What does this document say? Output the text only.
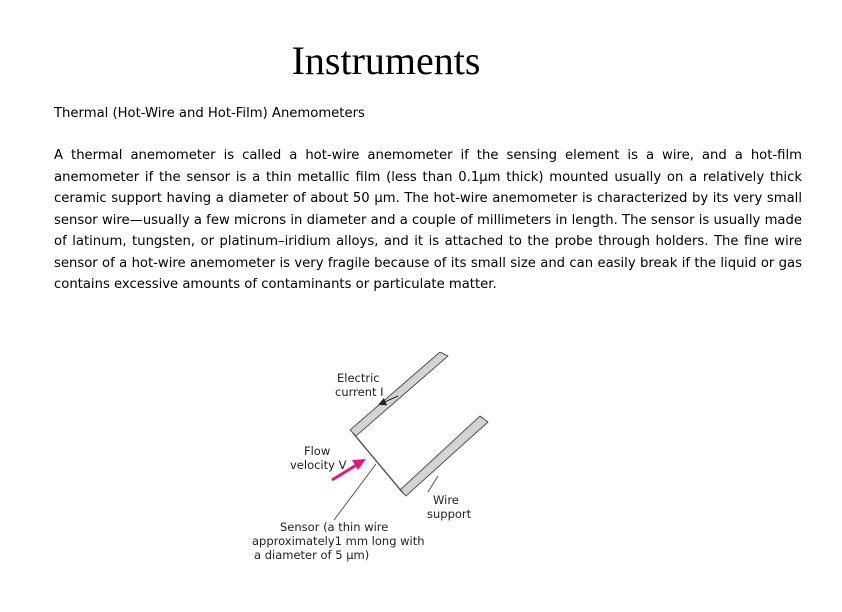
Instruments
Thermal (Hot-Wire and Hot-Film) Anemometers

A thermal anemometer is called a hot-wire anemometer if the sensing element is a wire, and a hot-film anemometer if the sensor is a thin metallic film (less than 0.1µm thick) mounted usually on a relatively thick ceramic support having a diameter of about 50 µm. The hot-wire anemometer is characterized by its very small sensor wire—usually a few microns in diameter and a couple of millimeters in length. The sensor is usually made of latinum, tungsten, or platinum–iridium alloys, and it is attached to the probe through holders. The fine wire sensor of a hot-wire anemometer is very fragile because of its small size and can easily break if the liquid or gas contains excessive amounts of contaminants or particulate matter.

Electric
current I
Flow
velocity V
Wire
support
Sensor (a thin wire
approximately1 mm long with
a diameter of 5 µm)
